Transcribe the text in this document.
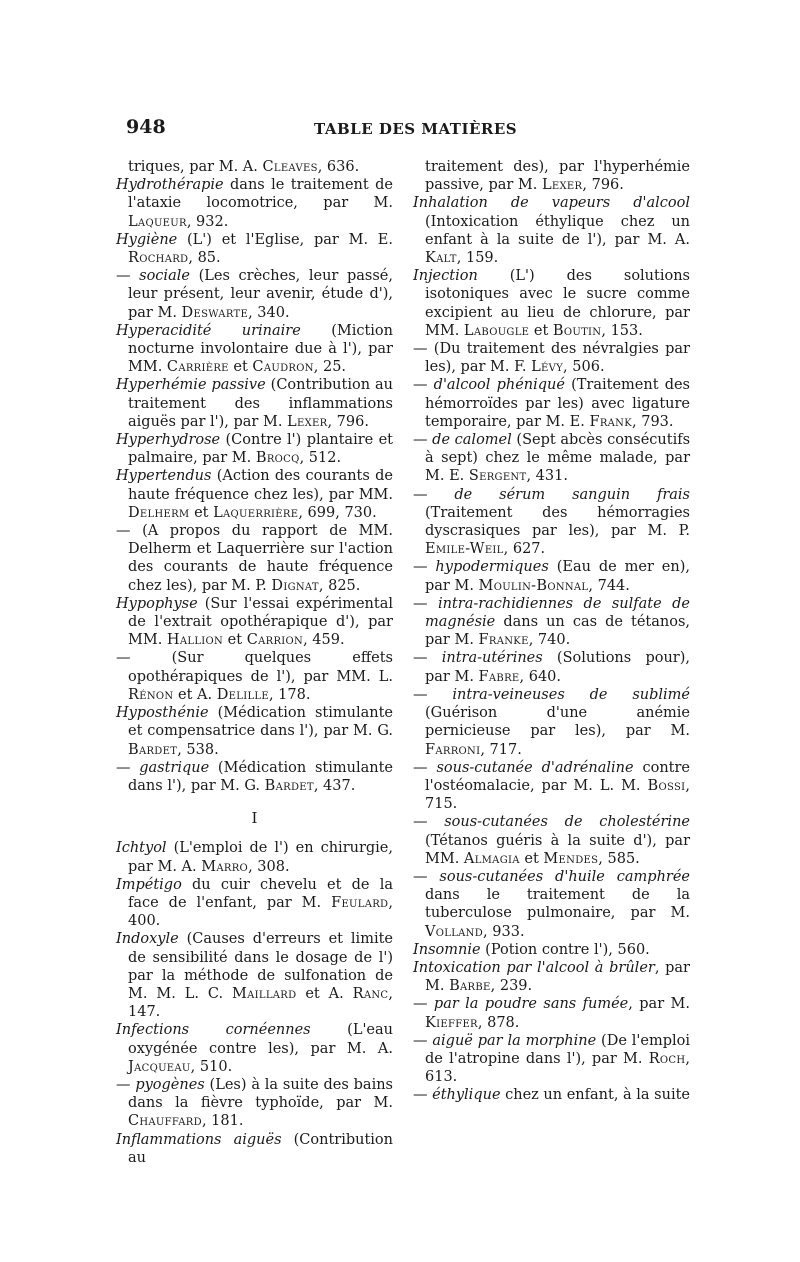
948	TABLE DES MATIÈRES

triques, par M. A. Cleaves, 636.

Hydrothérapie dans le traitement de l'ataxie locomotrice, par M. Laqueur, 932.

Hygiène (L') et l'Eglise, par M. E. Rochard, 85.

— sociale (Les crèches, leur passé, leur présent, leur avenir, étude d'), par M. Deswarte, 340.

Hyperacidité urinaire (Miction nocturne involontaire due à l'), par MM. Carrière et Caudron, 25.

Hyperhémie passive (Contribution au traitement des inflammations aiguës par l'), par M. Lexer, 796.

Hyperhydrose (Contre l') plantaire et palmaire, par M. Brocq, 512.

Hypertendus (Action des courants de haute fréquence chez les), par MM. Delherm et Laquerrière, 699, 730.

— (A propos du rapport de MM. Delherm et Laquerrière sur l'action des courants de haute fréquence chez les), par M. P. Dignat, 825.

Hypophyse (Sur l'essai expérimental de l'extrait opothérapique d'), par MM. Hallion et Carrion, 459.

— (Sur quelques effets opothérapiques de l'), par MM. L. Rénon et A. Delille, 178.

Hyposthénie (Médication stimulante et compensatrice dans l'), par M. G. Bardet, 538.

— gastrique (Médication stimulante dans l'), par M. G. Bardet, 437.

I

Ichtyol (L'emploi de l') en chirurgie, par M. A. Marro, 308.

Impétigo du cuir chevelu et de la face de l'enfant, par M. Feulard, 400.

Indoxyle (Causes d'erreurs et limite de sensibilité dans le dosage de l') par la méthode de sulfonation de M. M. L. C. Maillard et A. Ranc, 147.

Infections cornéennes (L'eau oxygénée contre les), par M. A. Jacqueau, 510.

— pyogènes (Les) à la suite des bains dans la fièvre typhoïde, par M. Chauffard, 181.

Inflammations aiguës (Contribution au

traitement des), par l'hyperhémie passive, par M. Lexer, 796.

Inhalation de vapeurs d'alcool (Intoxication éthylique chez un enfant à la suite de l'), par M. A. Kalt, 159.

Injection (L') des solutions isotoniques avec le sucre comme excipient au lieu de chlorure, par MM. Labougle et Boutin, 153.

— (Du traitement des névralgies par les), par M. F. Lévy, 506.

— d'alcool phéniqué (Traitement des hémorroïdes par les) avec ligature temporaire, par M. E. Frank, 793.

— de calomel (Sept abcès consécutifs à sept) chez le même malade, par M. E. Sergent, 431.

— de sérum sanguin frais (Traitement des hémorragies dyscrasiques par les), par M. P. Emile-Weil, 627.

— hypodermiques (Eau de mer en), par M. Moulin-Bonnal, 744.

— intra-rachidiennes de sulfate de magnésie dans un cas de tétanos, par M. Franke, 740.

— intra-utérines (Solutions pour), par M. Fabre, 640.

— intra-veineuses de sublimé (Guérison d'une anémie pernicieuse par les), par M. Farroni, 717.

— sous-cutanée d'adrénaline contre l'ostéomalacie, par M. L. M. Bossi, 715.

— sous-cutanées de cholestérine (Tétanos guéris à la suite d'), par MM. Almagia et Mendes, 585.

— sous-cutanées d'huile camphrée dans le traitement de la tuberculose pulmonaire, par M. Volland, 933.

Insomnie (Potion contre l'), 560.

Intoxication par l'alcool à brûler, par M. Barbe, 239.

— par la poudre sans fumée, par M. Kieffer, 878.

— aiguë par la morphine (De l'emploi de l'atropine dans l'), par M. Roch, 613.

— éthylique chez un enfant, à la suite
